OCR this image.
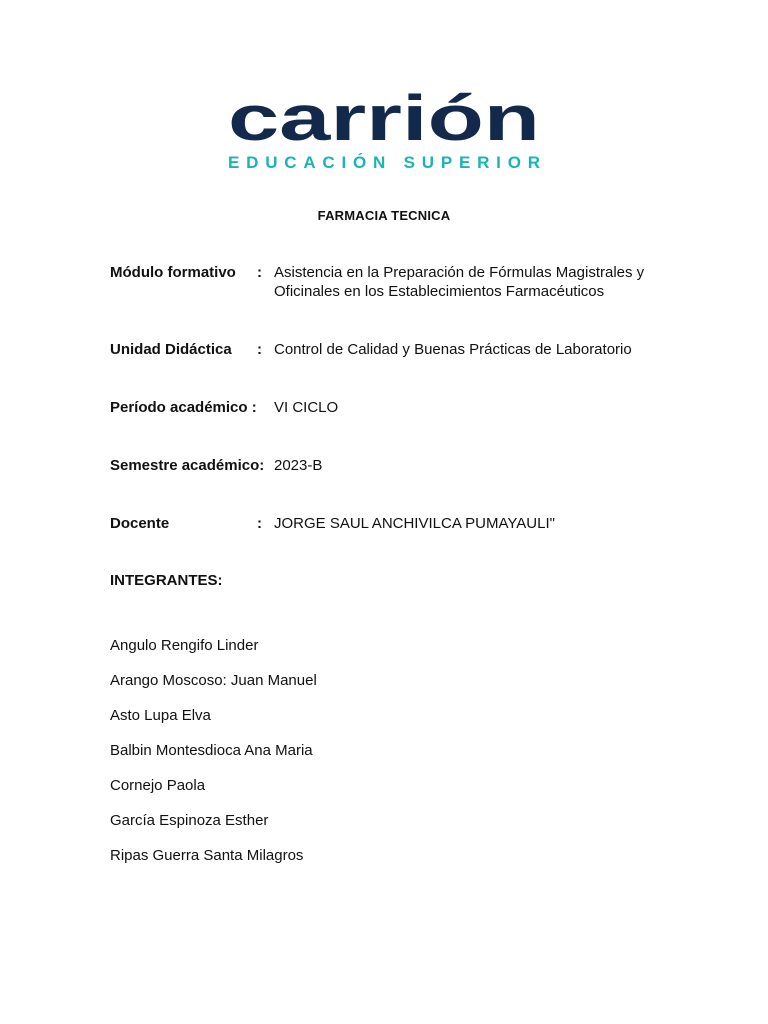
carrión
EDUCACIÓN SUPERIOR
FARMACIA TECNICA
Módulo formativo : Asistencia en la Preparación de Fórmulas Magistrales y Oficinales en los Establecimientos Farmacéuticos
Unidad Didáctica : Control de Calidad y Buenas Prácticas de Laboratorio
Período académico : VI CICLO
Semestre académico: 2023-B
Docente	: JORGE SAUL ANCHIVILCA PUMAYAULI"
INTEGRANTES:
Angulo Rengifo Linder
Arango Moscoso: Juan Manuel
Asto Lupa Elva
Balbin Montesdioca Ana Maria
Cornejo Paola
García Espinoza Esther
Ripas Guerra Santa Milagros
